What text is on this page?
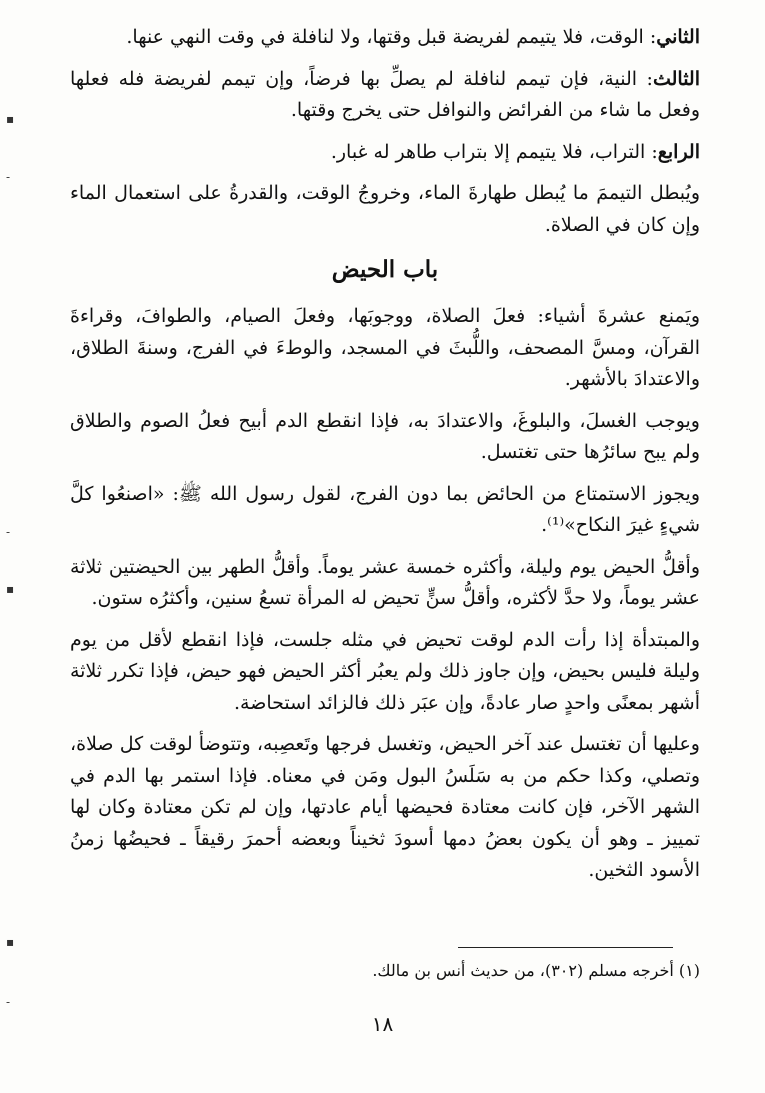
الثاني: الوقت، فلا يتيمم لفريضة قبل وقتها، ولا لنافلة في وقت النهي عنها.

الثالث: النية، فإن تيمم لنافلة لم يصلِّ بها فرضاً، وإن تيمم لفريضة فله فعلها وفعل ما شاء من الفرائض والنوافل حتى يخرج وقتها.

الرابع: التراب، فلا يتيمم إلا بتراب طاهر له غبار.

ويُبطل التيممَ ما يُبطل طهارةَ الماء، وخروجُ الوقت، والقدرةُ على استعمال الماء وإن كان في الصلاة.

باب الحيض

ويَمنع عشرةَ أشياء: فعلَ الصلاة، ووجوبَها، وفعلَ الصيام، والطوافَ، وقراءةَ القرآن، ومسَّ المصحف، واللُّبثَ في المسجد، والوطءَ في الفرج، وسنةَ الطلاق، والاعتدادَ بالأشهر.

ويوجب الغسلَ، والبلوغَ، والاعتدادَ به، فإذا انقطع الدم أبيح فعلُ الصوم والطلاق ولم يبح سائرُها حتى تغتسل.

ويجوز الاستمتاع من الحائض بما دون الفرج، لقول رسول الله ﷺ: «اصنعُوا كلَّ شيءٍ غيرَ النكاح»⁽¹⁾.

وأقلُّ الحيض يوم وليلة، وأكثره خمسة عشر يوماً. وأقلُّ الطهر بين الحيضتين ثلاثة عشر يوماً، ولا حدَّ لأكثره، وأقلُّ سنٍّ تحيض له المرأة تسعُ سنين، وأكثرُه ستون.

والمبتدأة إذا رأت الدم لوقت تحيض في مثله جلست، فإذا انقطع لأقل من يوم وليلة فليس بحيض، وإن جاوز ذلك ولم يعبُر أكثر الحيض فهو حيض، فإذا تكرر ثلاثة أشهر بمعنًى واحدٍ صار عادةً، وإن عبَر ذلك فالزائد استحاضة.

وعليها أن تغتسل عند آخر الحيض، وتغسل فرجها وتَعصِبه، وتتوضأ لوقت كل صلاة، وتصلي، وكذا حكم من به سَلَسُ البول ومَن في معناه. فإذا استمر بها الدم في الشهر الآخر، فإن كانت معتادة فحيضها أيام عادتها، وإن لم تكن معتادة وكان لها تمييز ـ وهو أن يكون بعضُ دمها أسودَ ثخيناً وبعضه أحمرَ رقيقاً ـ فحيضُها زمنُ الأسود الثخين.

(١) أخرجه مسلم (٣٠٢)، من حديث أنس بن مالك.
١٨
▪
-
-
▪
▪
-
